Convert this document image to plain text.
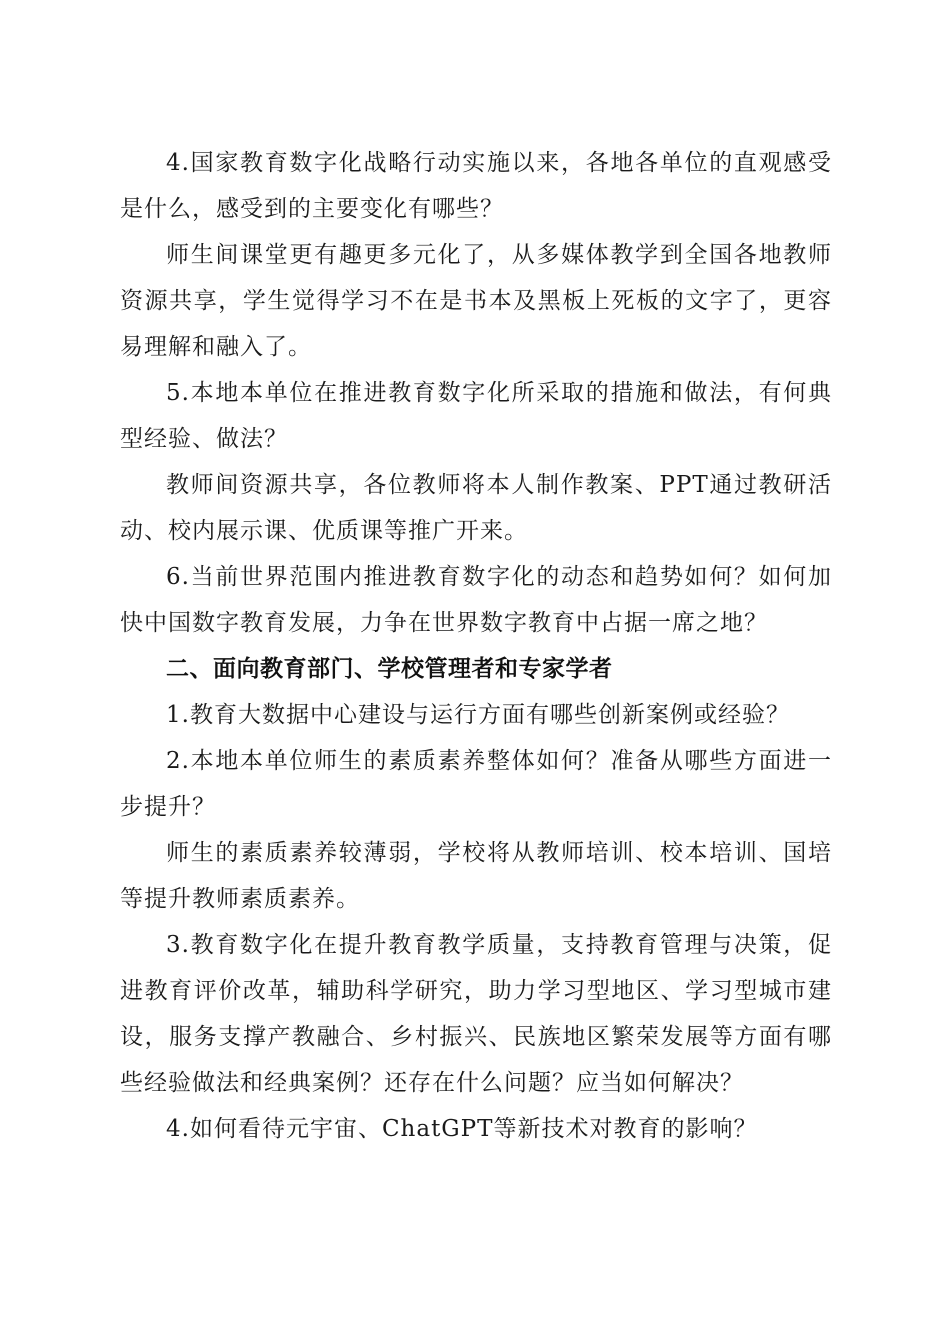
4.国家教育数字化战略行动实施以来，各地各单位的直观感受是什么，感受到的主要变化有哪些？

师生间课堂更有趣更多元化了，从多媒体教学到全国各地教师资源共享，学生觉得学习不在是书本及黑板上死板的文字了，更容易理解和融入了。

5.本地本单位在推进教育数字化所采取的措施和做法，有何典型经验、做法？

教师间资源共享，各位教师将本人制作教案、PPT通过教研活动、校内展示课、优质课等推广开来。

6.当前世界范围内推进教育数字化的动态和趋势如何？如何加快中国数字教育发展，力争在世界数字教育中占据一席之地？

二、面向教育部门、学校管理者和专家学者

1.教育大数据中心建设与运行方面有哪些创新案例或经验？

2.本地本单位师生的素质素养整体如何？准备从哪些方面进一步提升？

师生的素质素养较薄弱，学校将从教师培训、校本培训、国培等提升教师素质素养。

3.教育数字化在提升教育教学质量，支持教育管理与决策，促进教育评价改革，辅助科学研究，助力学习型地区、学习型城市建设，服务支撑产教融合、乡村振兴、民族地区繁荣发展等方面有哪些经验做法和经典案例？还存在什么问题？应当如何解决？

4.如何看待元宇宙、ChatGPT等新技术对教育的影响？
